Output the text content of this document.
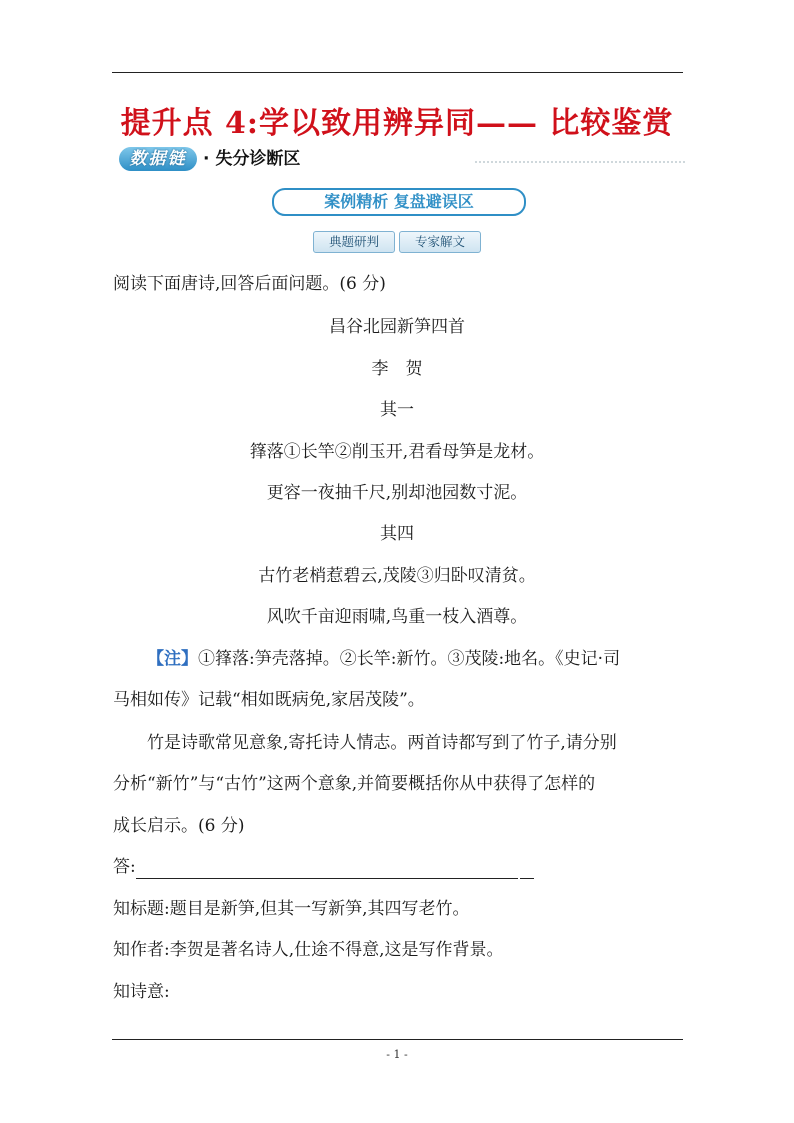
提升点 4:学以致用辨异同—— 比较鉴赏
数据链 · 失分诊断区
案例精析 复盘避误区
典题研判	专家解文
阅读下面唐诗,回答后面问题。(6 分)
昌谷北园新笋四首
李　贺
其一
箨落①长竿②削玉开,君看母笋是龙材。
更容一夜抽千尺,别却池园数寸泥。
其四
古竹老梢惹碧云,茂陵③归卧叹清贫。
风吹千亩迎雨啸,鸟重一枝入酒尊。
【注】①箨落:笋壳落掉。②长竿:新竹。③茂陵:地名。《史记·司
马相如传》记载“相如既病免,家居茂陵”。
竹是诗歌常见意象,寄托诗人情志。两首诗都写到了竹子,请分别
分析“新竹”与“古竹”这两个意象,并简要概括你从中获得了怎样的
成长启示。(6 分)
答:
知标题:题目是新笋,但其一写新笋,其四写老竹。
知作者:李贺是著名诗人,仕途不得意,这是写作背景。
知诗意:
- 1 -
